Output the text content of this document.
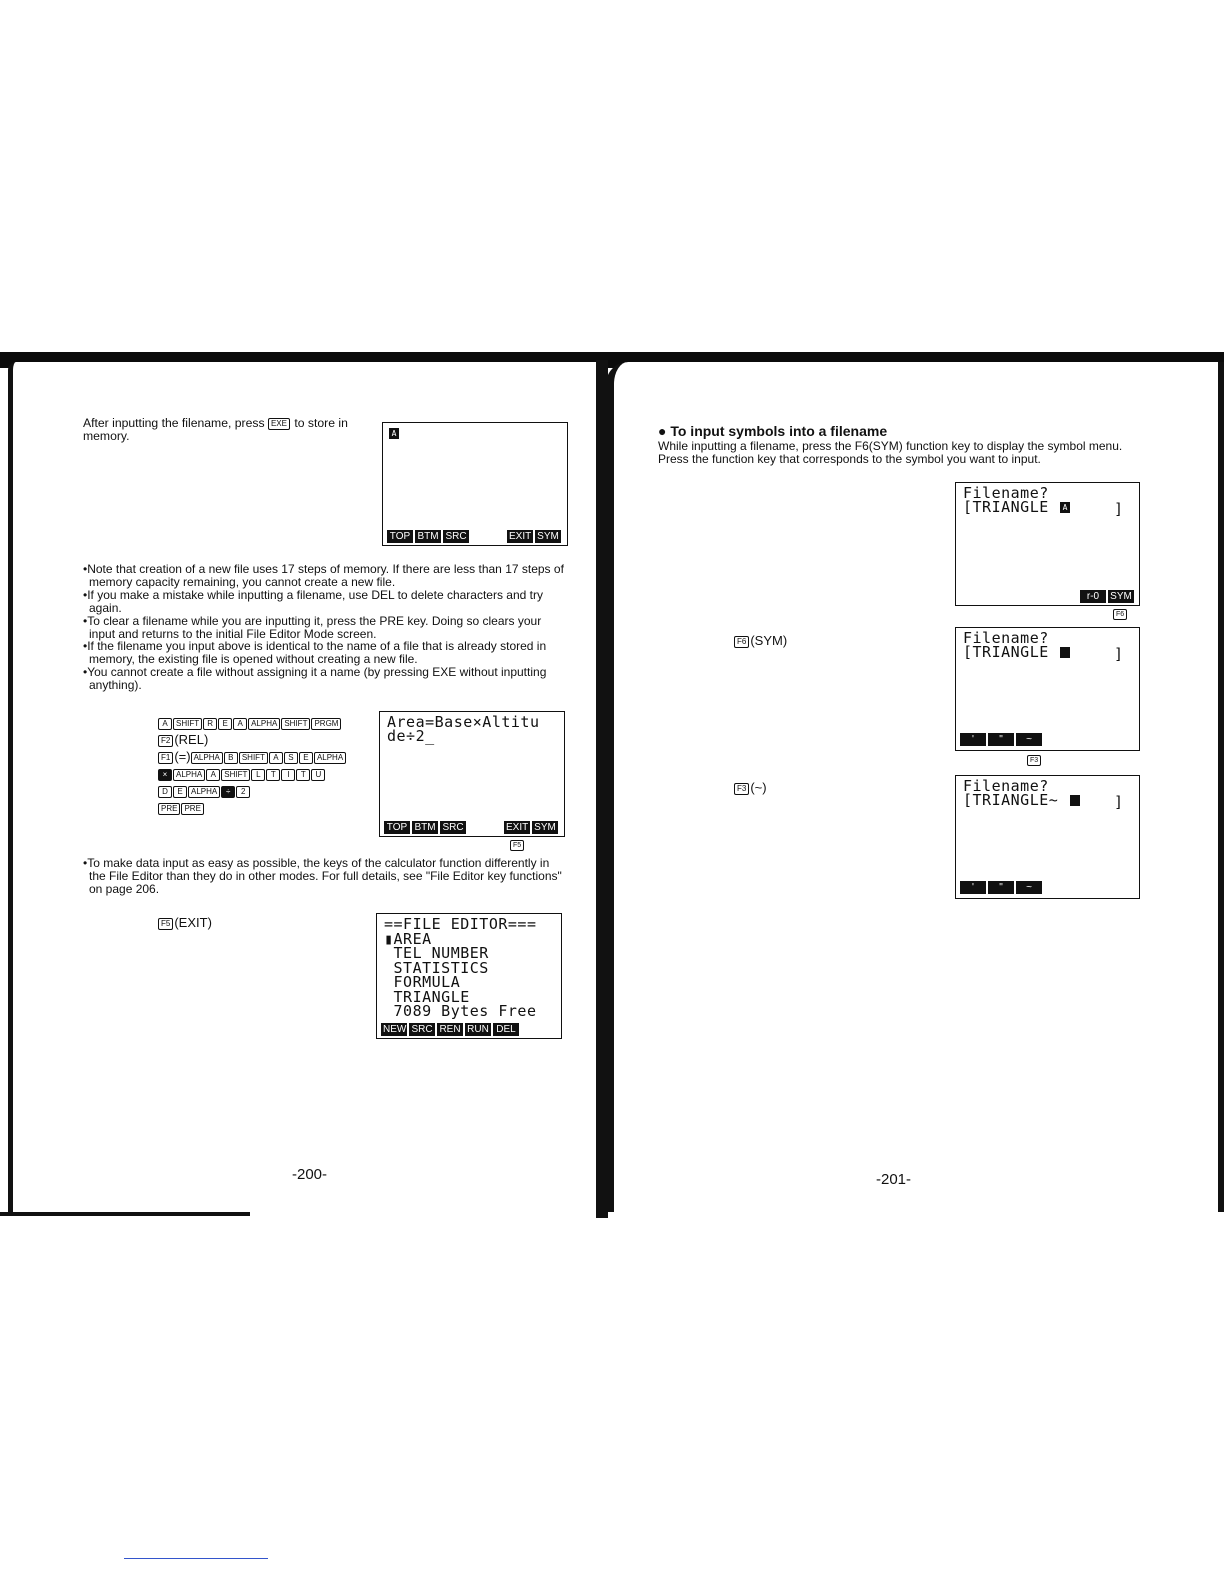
After inputting the filename, press EXE to store in
memory.	A
TOP BTM SRC	EXIT SYM

•Note that creation of a new file uses 17 steps of memory. If there are less than 17 steps of memory capacity remaining, you cannot create a new file.

•If you make a mistake while inputting a filename, use DEL to delete characters and try again.

•To clear a filename while you are inputting it, press the PRE key. Doing so clears your input and returns to the initial File Editor Mode screen.

•If the filename you input above is identical to the name of a file that is already stored in memory, the existing file is opened without creating a new file.

•You cannot create a file without assigning it a name (by pressing EXE without inputting anything).

A SHIFT R E A ALPHA SHIFT PRGM
F2 (REL)
F1 (=) ALPHA B SHIFT A S E ALPHA
× ALPHA A SHIFT L T I T U
D E ALPHA ÷ 2
PRE PRE
Area=Base×Altitu
de÷2_
TOP BTM SRC	EXIT SYM
F5

•To make data input as easy as possible, the keys of the calculator function differently in the File Editor than they do in other modes. For full details, see "File Editor key functions" on page 206.

F5 (EXIT)	==FILE EDITOR===
▮AREA
TEL NUMBER
STATISTICS
FORMULA
TRIANGLE
7089 Bytes Free
NEW SRC REN RUN DEL
-200-
● To input symbols into a filename
While inputting a filename, press the F6(SYM) function key to display the symbol menu.
Press the function key that corresponds to the symbol you want to input.
Filename?
[TRIANGLE	A	]
r-0	SYM
F6
F6 (SYM)	Filename?
[TRIANGLE	]
'	"	~
F3
F3 (~)	Filename?
[TRIANGLE~	]
'	"	~
-201-
